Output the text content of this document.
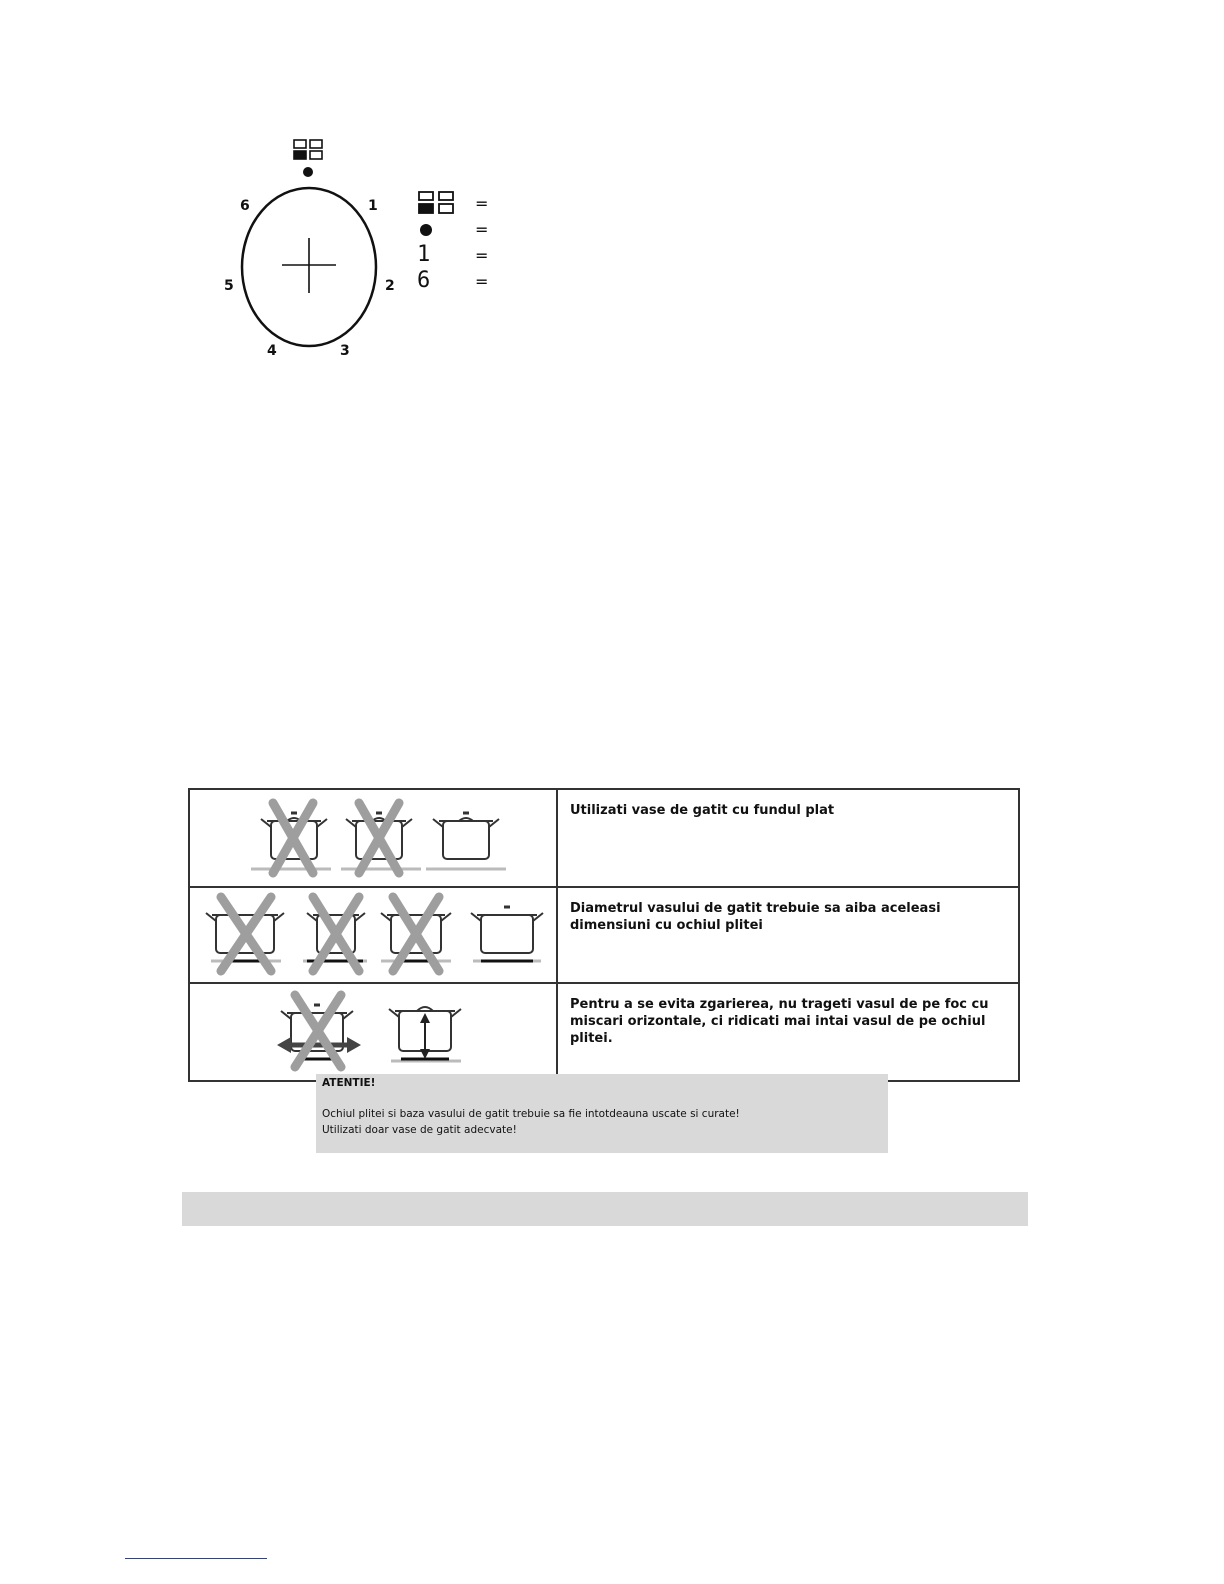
1
2
3
4
5
6	=
=
1	=
6	=
	Utilizati vase de gatit cu fundul plat
	Diametrul vasului de gatit trebuie sa aiba aceleasi dimensiuni cu ochiul plitei
	Pentru a se evita zgarierea, nu trageti vasul de pe foc cu miscari orizontale, ci ridicati mai intai vasul de pe ochiul plitei.
ATENTIE!
Ochiul plitei si baza vasului de gatit trebuie sa fie intotdeauna uscate si curate!
Utilizati doar vase de gatit adecvate!
